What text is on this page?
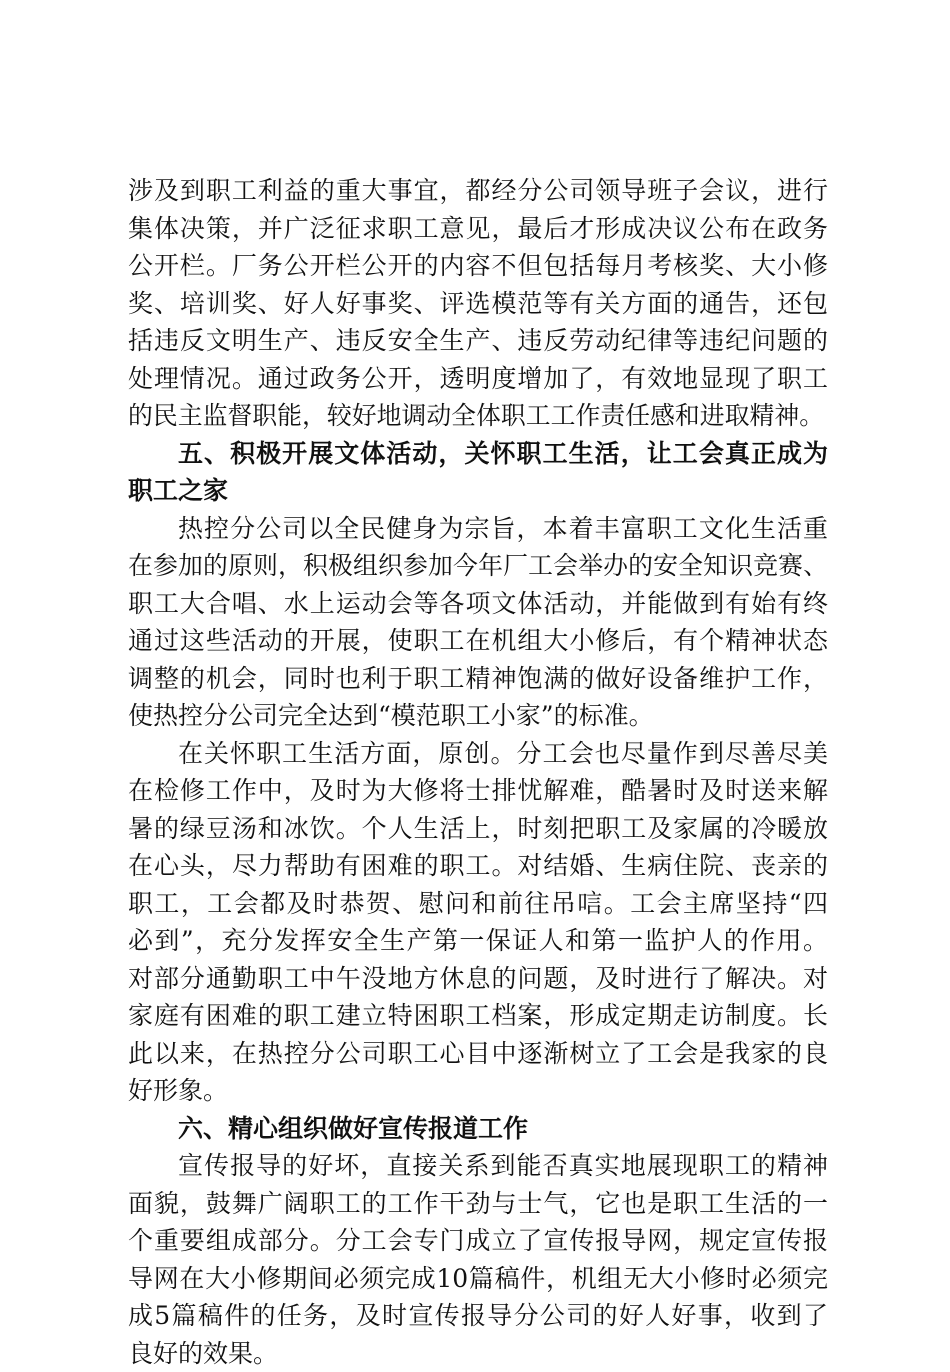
涉及到职工利益的重大事宜，都经分公司领导班子会议，进行
集体决策，并广泛征求职工意见，最后才形成决议公布在政务
公开栏。厂务公开栏公开的内容不但包括每月考核奖、大小修
奖、培训奖、好人好事奖、评选模范等有关方面的通告，还包
括违反文明生产、违反安全生产、违反劳动纪律等违纪问题的
处理情况。通过政务公开，透明度增加了，有效地显现了职工
的民主监督职能，较好地调动全体职工工作责任感和进取精神。
五、积极开展文体活动，关怀职工生活，让工会真正成为
职工之家
热控分公司以全民健身为宗旨，本着丰富职工文化生活重
在参加的原则，积极组织参加今年厂工会举办的安全知识竞赛、
职工大合唱、水上运动会等各项文体活动，并能做到有始有终
通过这些活动的开展，使职工在机组大小修后，有个精神状态
调整的机会，同时也利于职工精神饱满的做好设备维护工作，
使热控分公司完全达到“模范职工小家”的标准。
在关怀职工生活方面，原创。分工会也尽量作到尽善尽美
在检修工作中，及时为大修将士排忧解难，酷暑时及时送来解
暑的绿豆汤和冰饮。个人生活上，时刻把职工及家属的冷暖放
在心头，尽力帮助有困难的职工。对结婚、生病住院、丧亲的
职工，工会都及时恭贺、慰问和前往吊唁。工会主席坚持“四
必到”，充分发挥安全生产第一保证人和第一监护人的作用。
对部分通勤职工中午没地方休息的问题，及时进行了解决。对
家庭有困难的职工建立特困职工档案，形成定期走访制度。长
此以来，在热控分公司职工心目中逐渐树立了工会是我家的良
好形象。
六、精心组织做好宣传报道工作
宣传报导的好坏，直接关系到能否真实地展现职工的精神
面貌，鼓舞广阔职工的工作干劲与士气，它也是职工生活的一
个重要组成部分。分工会专门成立了宣传报导网，规定宣传报
导网在大小修期间必须完成10篇稿件，机组无大小修时必须完
成5篇稿件的任务，及时宣传报导分公司的好人好事，收到了
良好的效果。
